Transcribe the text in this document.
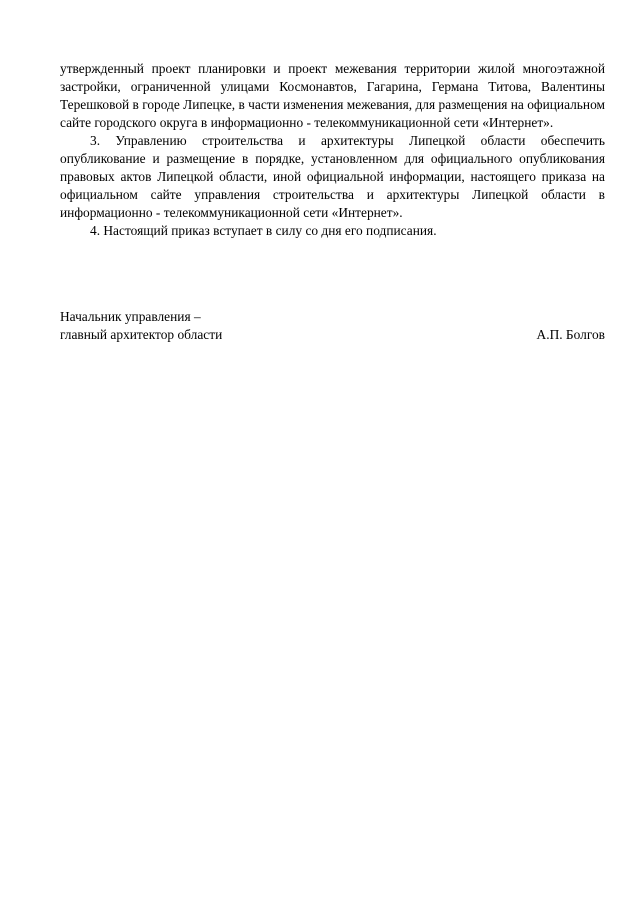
утвержденный проект планировки и проект межевания территории жилой многоэтажной застройки, ограниченной улицами Космонавтов, Гагарина, Германа Титова, Валентины Терешковой в городе Липецке, в части изменения межевания, для размещения на официальном сайте городского округа в информационно - телекоммуникационной сети «Интернет».

3. Управлению строительства и архитектуры Липецкой области обеспечить опубликование и размещение в порядке, установленном для официального опубликования правовых актов Липецкой области, иной официальной информации, настоящего приказа на официальном сайте управления строительства и архитектуры Липецкой области в информационно - телекоммуникационной сети «Интернет».

4. Настоящий приказ вступает в силу со дня его подписания.

Начальник управления –
главный архитектор области	А.П. Болгов
